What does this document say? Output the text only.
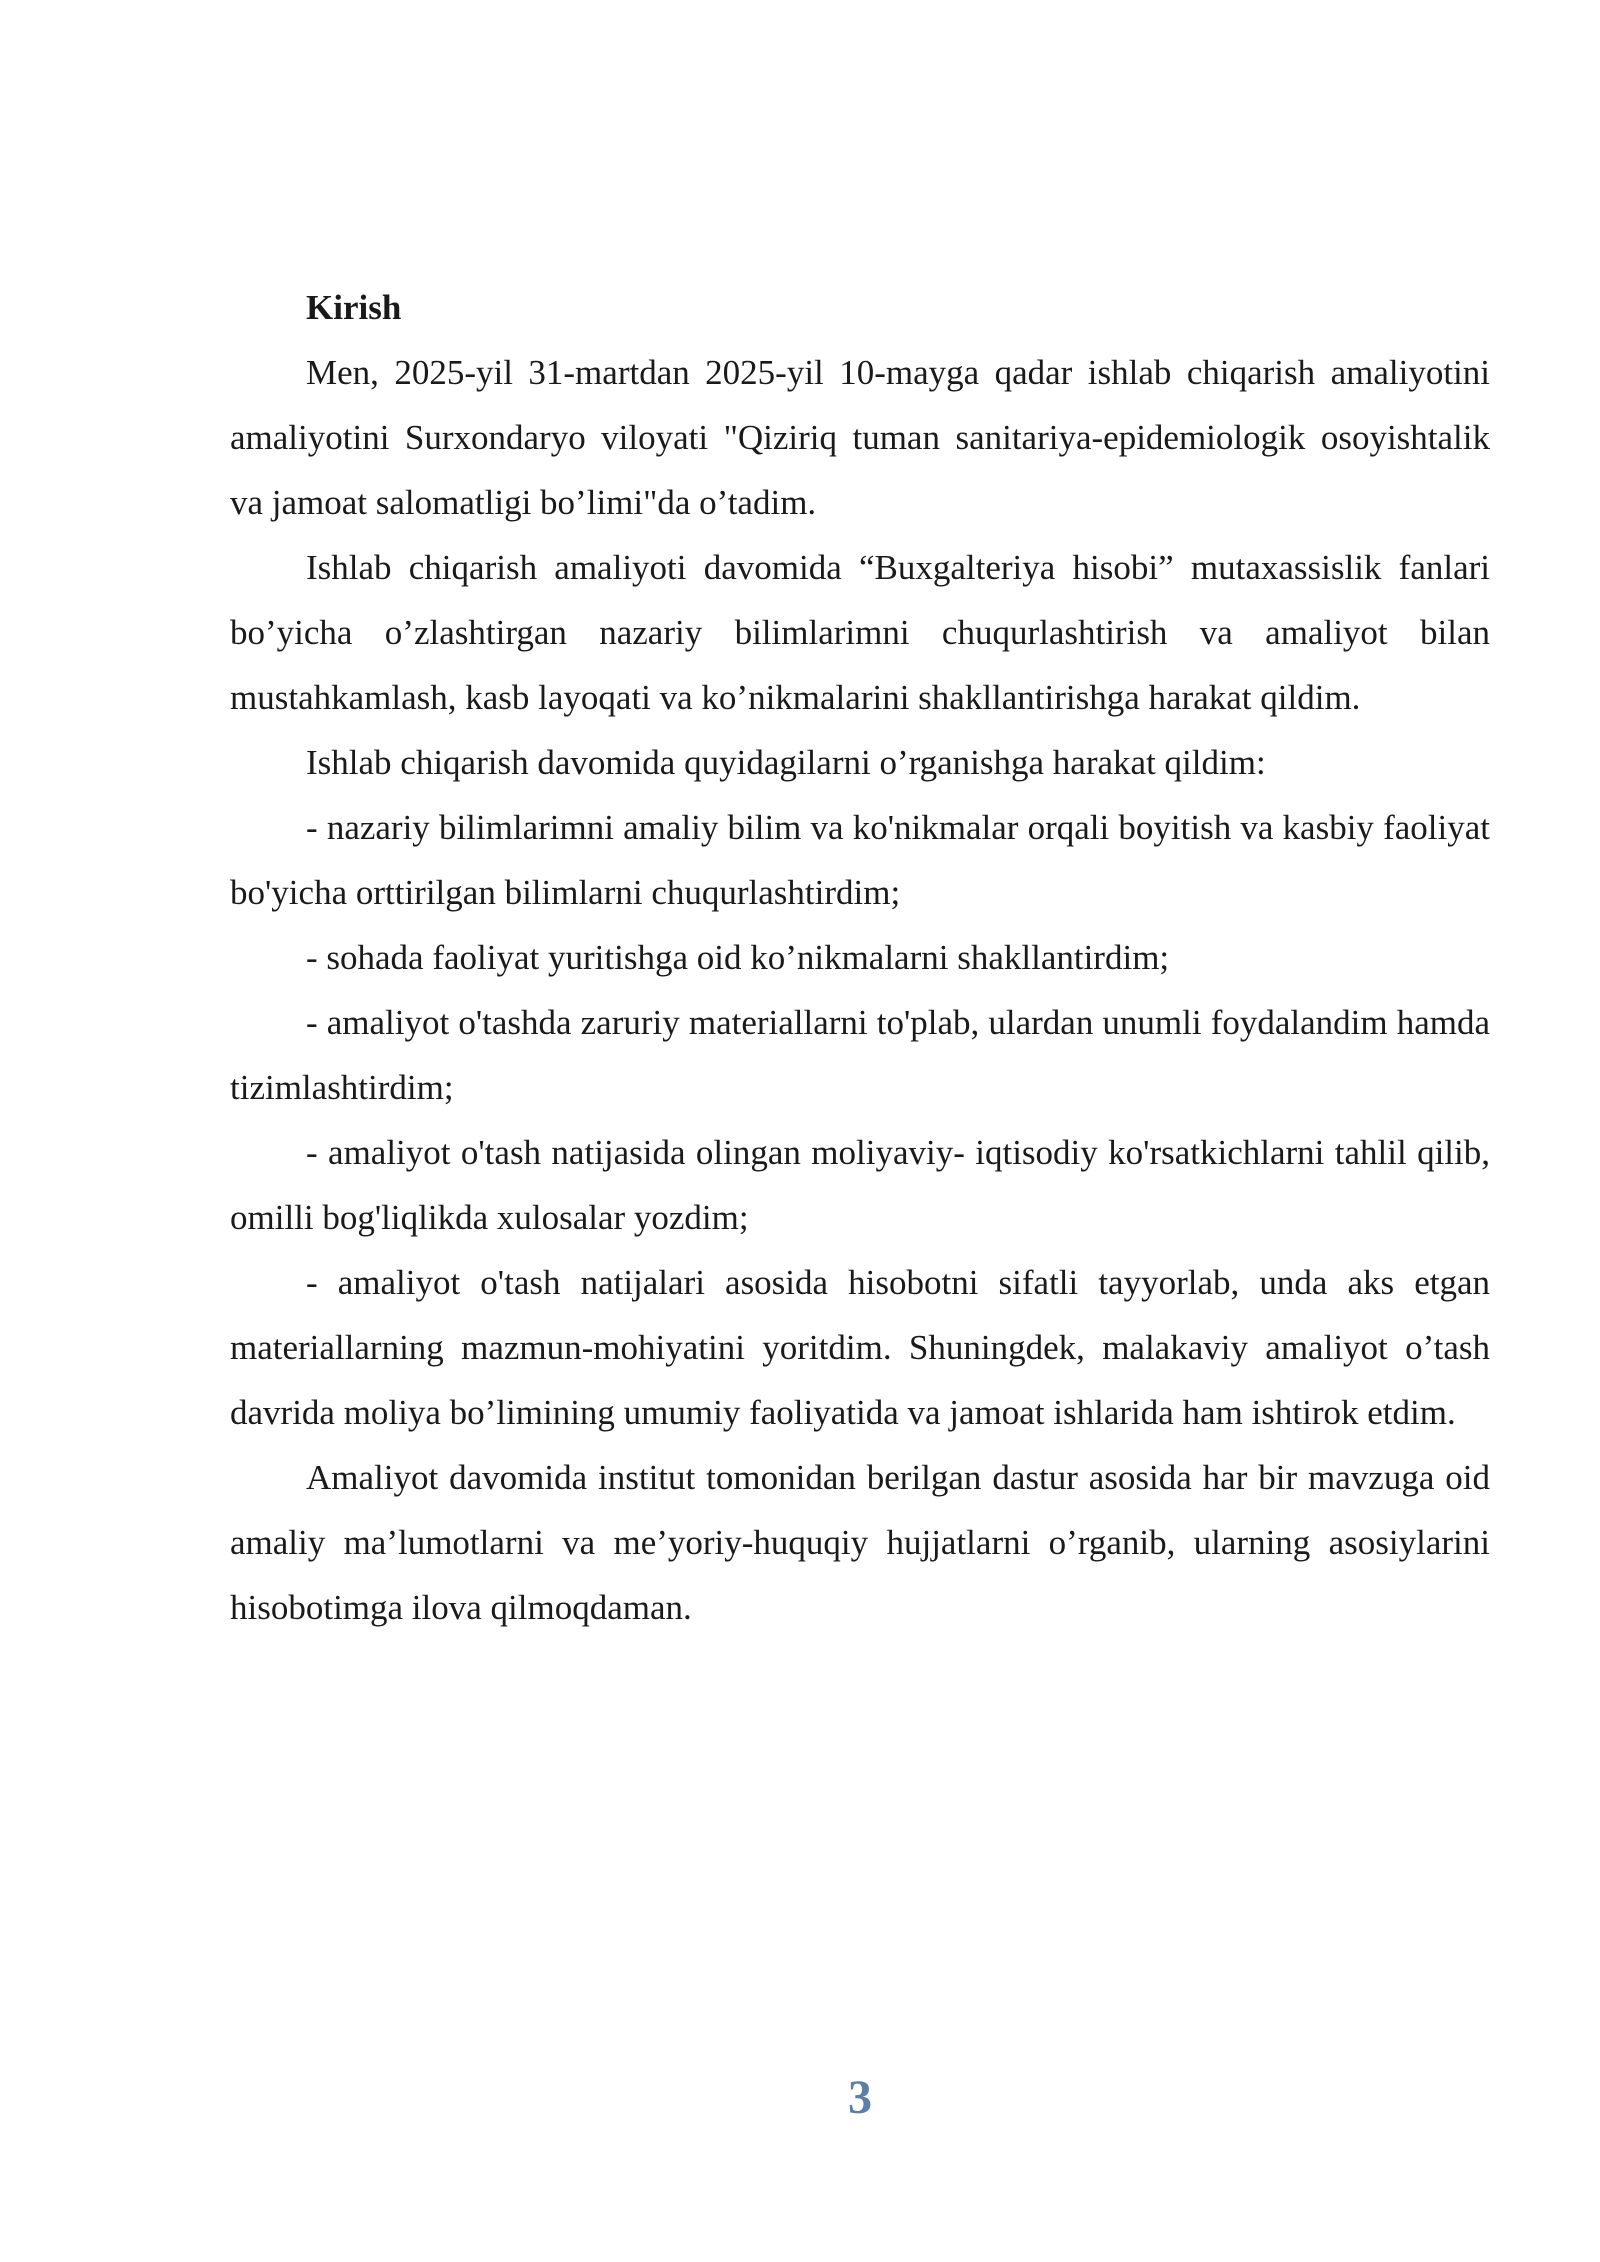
Kirish

Men, 2025-yil 31-martdan 2025-yil 10-mayga qadar ishlab chiqarish amaliyotini amaliyotini Surxondaryo viloyati "Qiziriq tuman sanitariya-epidemiologik osoyishtalik va jamoat salomatligi bo’limi"da o’tadim.

Ishlab chiqarish amaliyoti davomida “Buxgalteriya hisobi” mutaxassislik fanlari bo’yicha o’zlashtirgan nazariy bilimlarimni chuqurlashtirish va amaliyot bilan mustahkamlash, kasb layoqati va ko’nikmalarini shakllantirishga harakat qildim.

Ishlab chiqarish davomida quyidagilarni o’rganishga harakat qildim:

- nazariy bilimlarimni amaliy bilim va ko'nikmalar orqali boyitish va kasbiy faoliyat bo'yicha orttirilgan bilimlarni chuqurlashtirdim;

- sohada faoliyat yuritishga oid ko’nikmalarni shakllantirdim;

- amaliyot o'tashda zaruriy materiallarni to'plab, ulardan unumli foydalandim hamda tizimlashtirdim;

- amaliyot o'tash natijasida olingan moliyaviy- iqtisodiy ko'rsatkichlarni tahlil qilib, omilli bog'liqlikda xulosalar yozdim;

- amaliyot o'tash natijalari asosida hisobotni sifatli tayyorlab, unda aks etgan materiallarning mazmun-mohiyatini yoritdim. Shuningdek, malakaviy amaliyot o’tash davrida moliya bo’limining umumiy faoliyatida va jamoat ishlarida ham ishtirok etdim.

Amaliyot davomida institut tomonidan berilgan dastur asosida har bir mavzuga oid amaliy ma’lumotlarni va me’yoriy-huquqiy hujjatlarni o’rganib, ularning asosiylarini hisobotimga ilova qilmoqdaman.

3
